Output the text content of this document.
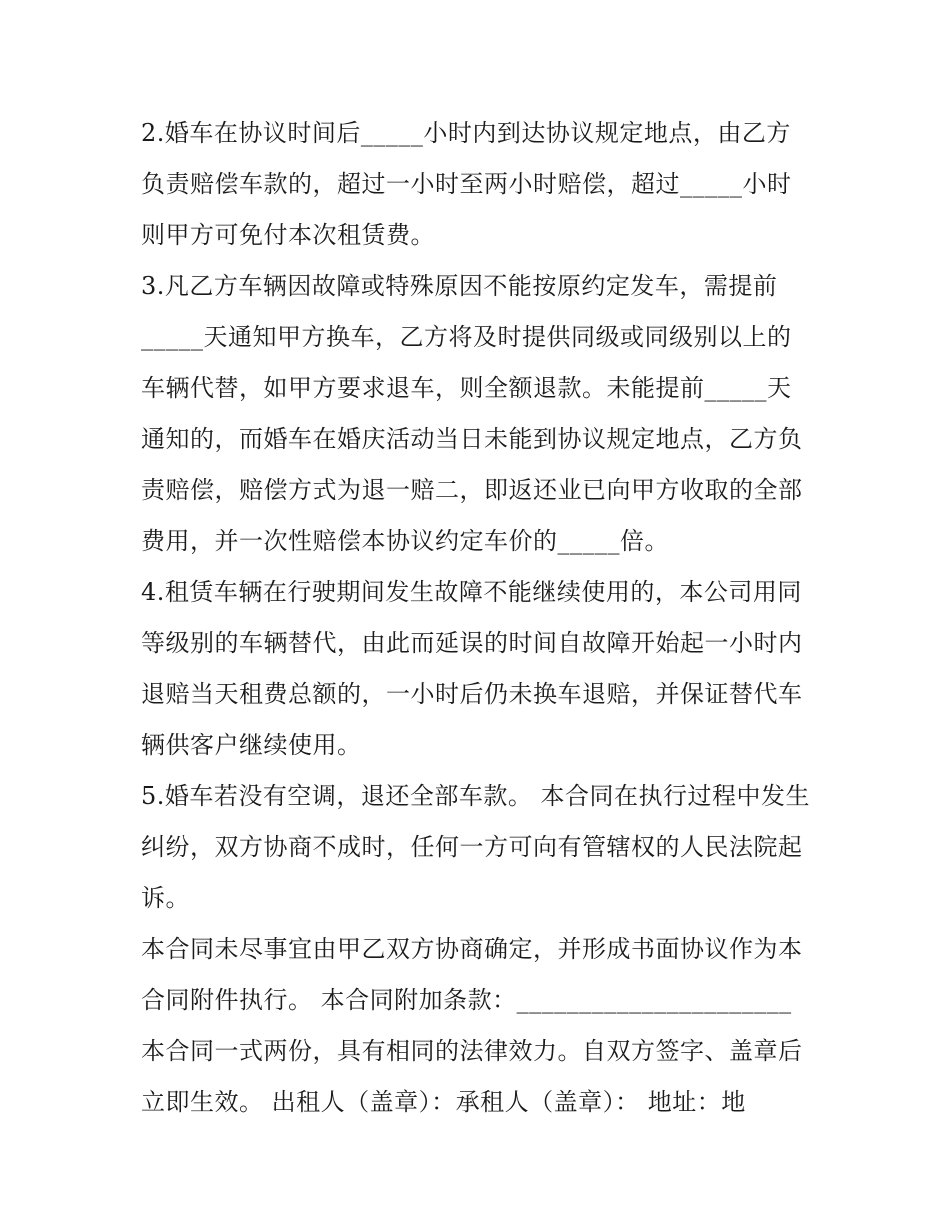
2.婚车在协议时间后_____小时内到达协议规定地点，由乙方
负责赔偿车款的，超过一小时至两小时赔偿，超过_____小时
则甲方可免付本次租赁费。
3.凡乙方车辆因故障或特殊原因不能按原约定发车，需提前
_____天通知甲方换车，乙方将及时提供同级或同级别以上的
车辆代替，如甲方要求退车，则全额退款。未能提前_____天
通知的，而婚车在婚庆活动当日未能到协议规定地点，乙方负
责赔偿，赔偿方式为退一赔二，即返还业已向甲方收取的全部
费用，并一次性赔偿本协议约定车价的_____倍。
4.租赁车辆在行驶期间发生故障不能继续使用的，本公司用同
等级别的车辆替代，由此而延误的时间自故障开始起一小时内
退赔当天租费总额的，一小时后仍未换车退赔，并保证替代车
辆供客户继续使用。
5.婚车若没有空调，退还全部车款。 本合同在执行过程中发生
纠纷，双方协商不成时，任何一方可向有管辖权的人民法院起
诉。
本合同未尽事宜由甲乙双方协商确定，并形成书面协议作为本
合同附件执行。 本合同附加条款：______________________
本合同一式两份，具有相同的法律效力。自双方签字、盖章后
立即生效。 出租人（盖章）：承租人（盖章）： 地址：地
